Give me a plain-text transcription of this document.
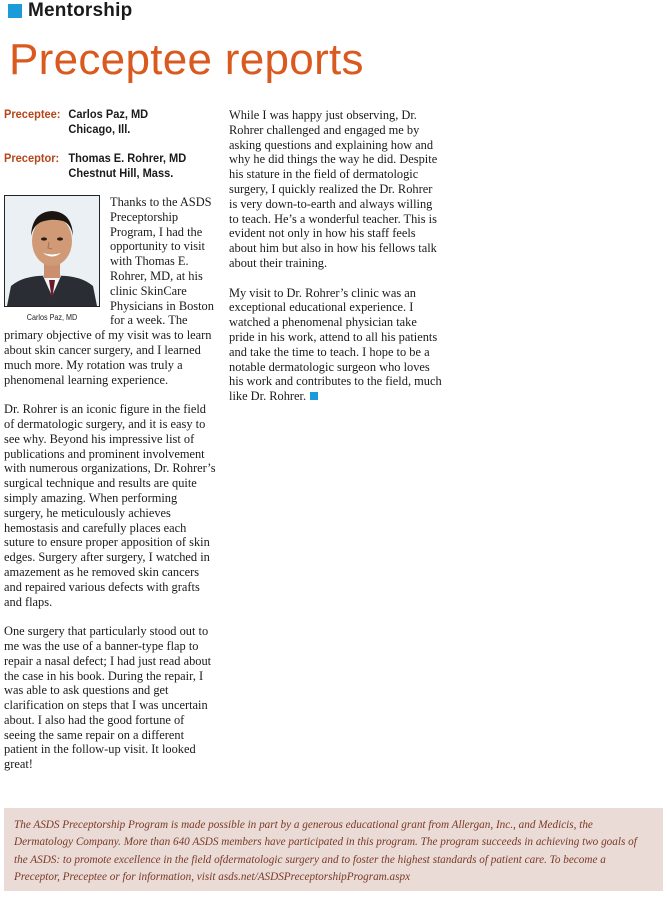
Mentorship
Preceptee reports
Preceptee: Carlos Paz, MD
Chicago, Ill.
Preceptor: Thomas E. Rohrer, MD
Chestnut Hill, Mass.
Carlos Paz, MD

Thanks to the ASDS Preceptorship Program, I had the opportunity to visit with Thomas E. Rohrer, MD, at his clinic SkinCare Physicians in Boston for a week. The primary objective of my visit was to learn about skin cancer surgery, and I learned much more. My rotation was truly a phenomenal learning experience.

Dr. Rohrer is an iconic figure in the field of dermatologic surgery, and it is easy to see why. Beyond his impressive list of publications and prominent involvement with numerous organizations, Dr. Rohrer’s surgical technique and results are quite simply amazing. When performing surgery, he meticulously achieves hemostasis and carefully places each suture to ensure proper apposition of skin edges. Surgery after surgery, I watched in amazement as he removed skin cancers and repaired various defects with grafts and flaps.

One surgery that particularly stood out to me was the use of a banner-type flap to repair a nasal defect; I had just read about the case in his book. During the repair, I was able to ask questions and get clarification on steps that I was uncertain about. I also had the good fortune of seeing the same repair on a different patient in the follow-up visit. It looked great!

While I was happy just observing, Dr. Rohrer challenged and engaged me by asking questions and explaining how and why he did things the way he did. Despite his stature in the field of dermatologic surgery, I quickly realized the Dr. Rohrer is very down-to-earth and always willing to teach. He’s a wonderful teacher. This is evident not only in how his staff feels about him but also in how his fellows talk about their training.

My visit to Dr. Rohrer’s clinic was an exceptional educational experience. I watched a phenomenal physician take pride in his work, attend to all his patients and take the time to teach. I hope to be a notable dermatologic surgeon who loves his work and contributes to the field, much like Dr. Rohrer.

The ASDS Preceptorship Program is made possible in part by a generous educational grant from Allergan, Inc., and Medicis, the Dermatology Company. More than 640 ASDS members have participated in this program. The program succeeds in achieving two goals of the ASDS: to promote excellence in the field ofdermatologic surgery and to foster the highest standards of patient care. To become a Preceptor, Preceptee or for information, visit asds.net/ASDSPreceptorshipProgram.aspx
